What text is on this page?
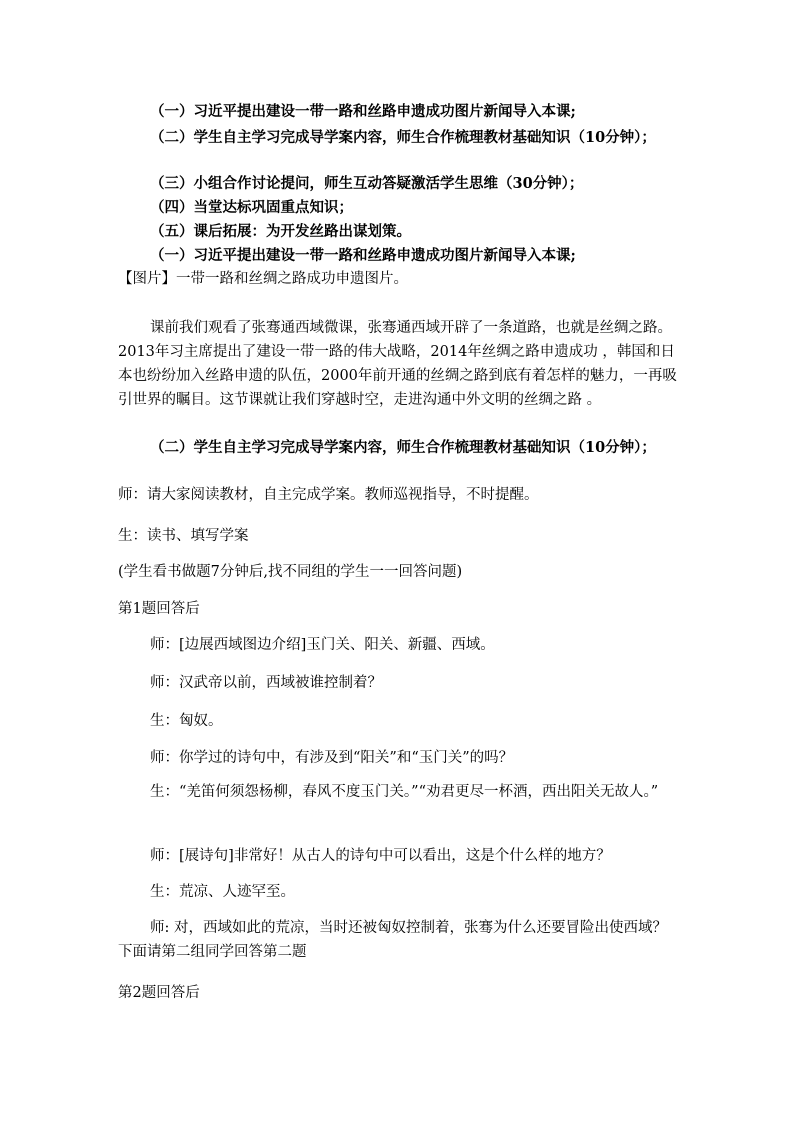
（一）习近平提出建设一带一路和丝路申遗成功图片新闻导入本课;
（二）学生自主学习完成导学案内容，师生合作梳理教材基础知识（10分钟）；
（三）小组合作讨论提问，师生互动答疑激活学生思维（30分钟）；
（四）当堂达标巩固重点知识；
（五）课后拓展：为开发丝路出谋划策。
（一）习近平提出建设一带一路和丝路申遗成功图片新闻导入本课;
【图片】一带一路和丝绸之路成功申遗图片。
课前我们观看了张骞通西域微课，张骞通西域开辟了一条道路，也就是丝绸之路。2013年习主席提出了建设一带一路的伟大战略，2014年丝绸之路申遗成功 ，韩国和日本也纷纷加入丝路申遗的队伍，2000年前开通的丝绸之路到底有着怎样的魅力，一再吸引世界的瞩目。这节课就让我们穿越时空，走进沟通中外文明的丝绸之路 。
（二）学生自主学习完成导学案内容，师生合作梳理教材基础知识（10分钟）；
师：请大家阅读教材，自主完成学案。教师巡视指导，不时提醒。
生：读书、填写学案
(学生看书做题7分钟后,找不同组的学生一一回答问题)
第1题回答后
师：[边展西域图边介绍]玉门关、阳关、新疆、西域。
师：汉武帝以前，西域被谁控制着？
生：匈奴。
师：你学过的诗句中，有涉及到“阳关”和“玉门关”的吗？
生：“羌笛何须怨杨柳，春风不度玉门关。”“劝君更尽一杯酒，西出阳关无故人。”
师：[展诗句]非常好！从古人的诗句中可以看出，这是个什么样的地方？
生：荒凉、人迹罕至。
师: 对，西域如此的荒凉，当时还被匈奴控制着，张骞为什么还要冒险出使西域？下面请第二组同学回答第二题
第2题回答后
